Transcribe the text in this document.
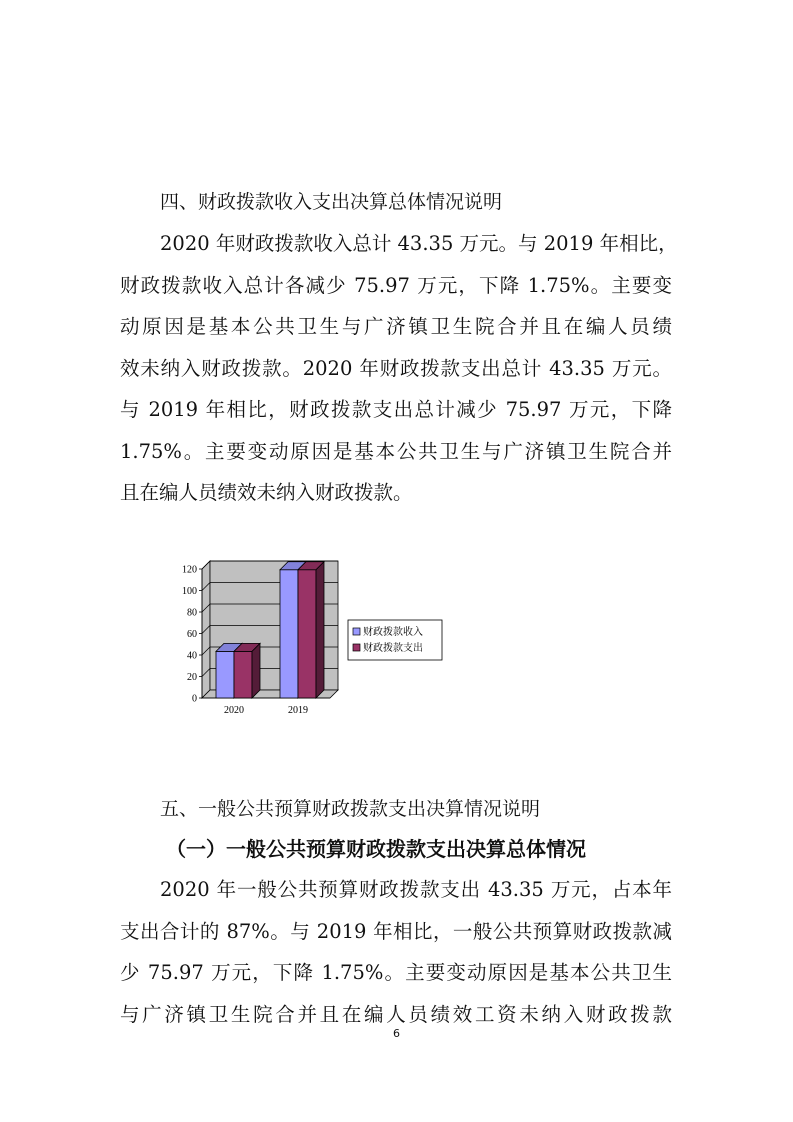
四、财政拨款收入支出决算总体情况说明
2020 年财政拨款收入总计 43.35 万元。与 2019 年相比，
财政拨款收入总计各减少 75.97 万元，下降 1.75%。主要变
动原因是基本公共卫生与广济镇卫生院合并且在编人员绩
效未纳入财政拨款。2020 年财政拨款支出总计 43.35 万元。
与 2019 年相比，财政拨款支出总计减少 75.97 万元，下降
1.75%。主要变动原因是基本公共卫生与广济镇卫生院合并
且在编人员绩效未纳入财政拨款。
0
20
40
60
80
100
120
2020	2019
财政拨款收入
财政拨款支出
五、一般公共预算财政拨款支出决算情况说明
（一）一般公共预算财政拨款支出决算总体情况
2020 年一般公共预算财政拨款支出 43.35 万元，占本年
支出合计的 87%。与 2019 年相比，一般公共预算财政拨款减
少 75.97 万元，下降 1.75%。主要变动原因是基本公共卫生
与广济镇卫生院合并且在编人员绩效工资未纳入财政拨款
6
